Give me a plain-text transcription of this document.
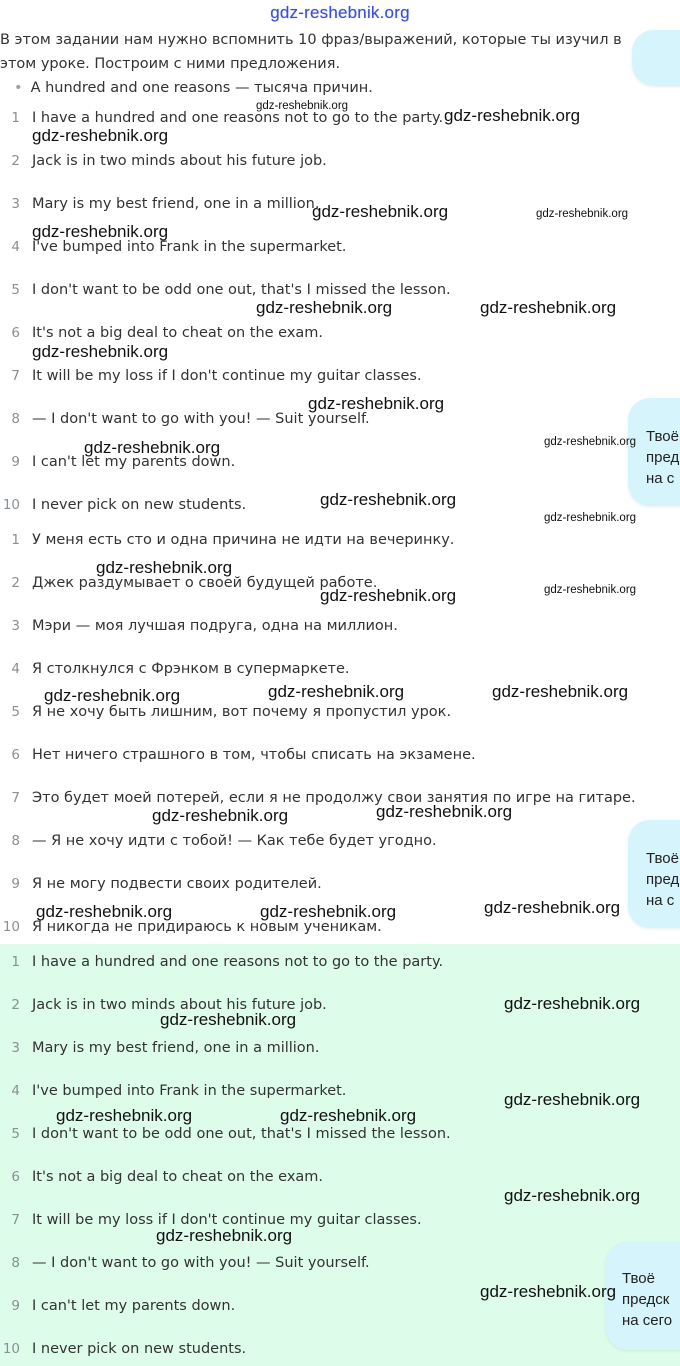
gdz-reshebnik.org
В этом задании нам нужно вспомнить 10 фраз/выражений, которые ты изучил в этом уроке. Построим с ними предложения.
• A hundred and one reasons — тысяча причин.
1 I have a hundred and one reasons not to go to the party.
2 Jack is in two minds about his future job.
3 Mary is my best friend, one in a million.
4 I've bumped into Frank in the supermarket.
5 I don't want to be odd one out, that's I missed the lesson.
6 It's not a big deal to cheat on the exam.
7 It will be my loss if I don't continue my guitar classes.
8 — I don't want to go with you! — Suit yourself.
9 I can't let my parents down.
10 I never pick on new students.
1 У меня есть сто и одна причина не идти на вечеринку.
2 Джек раздумывает о своей будущей работе.
3 Мэри — моя лучшая подруга, одна на миллион.
4 Я столкнулся с Фрэнком в супермаркете.
5 Я не хочу быть лишним, вот почему я пропустил урок.
6 Нет ничего страшного в том, чтобы списать на экзамене.
7 Это будет моей потерей, если я не продолжу свои занятия по игре на гитаре.
8 — Я не хочу идти с тобой! — Как тебе будет угодно.
9 Я не могу подвести своих родителей.
10 Я никогда не придираюсь к новым ученикам.
1 I have a hundred and one reasons not to go to the party.
2 Jack is in two minds about his future job.
3 Mary is my best friend, one in a million.
4 I've bumped into Frank in the supermarket.
5 I don't want to be odd one out, that's I missed the lesson.
6 It's not a big deal to cheat on the exam.
7 It will be my loss if I don't continue my guitar classes.
8 — I don't want to go with you! — Suit yourself.
9 I can't let my parents down.
10 I never pick on new students.
Твоё
пред
на с
Твоё
пред
на с
Твоё
предск
на сего
gdz-reshebnik.org	gdz-reshebnik.org
gdz-reshebnik.org
gdz-reshebnik.org	gdz-reshebnik.org
gdz-reshebnik.org
gdz-reshebnik.org	gdz-reshebnik.org
gdz-reshebnik.org
gdz-reshebnik.org
gdz-reshebnik.org
gdz-reshebnik.org
gdz-reshebnik.org
gdz-reshebnik.org
gdz-reshebnik.org
gdz-reshebnik.org	gdz-reshebnik.org
gdz-reshebnik.org	gdz-reshebnik.org
gdz-reshebnik.org
gdz-reshebnik.org
gdz-reshebnik.org
gdz-reshebnik.org
gdz-reshebnik.org	gdz-reshebnik.org
gdz-reshebnik.org
gdz-reshebnik.org
gdz-reshebnik.org
gdz-reshebnik.org	gdz-reshebnik.org
gdz-reshebnik.org
gdz-reshebnik.org
gdz-reshebnik.org
